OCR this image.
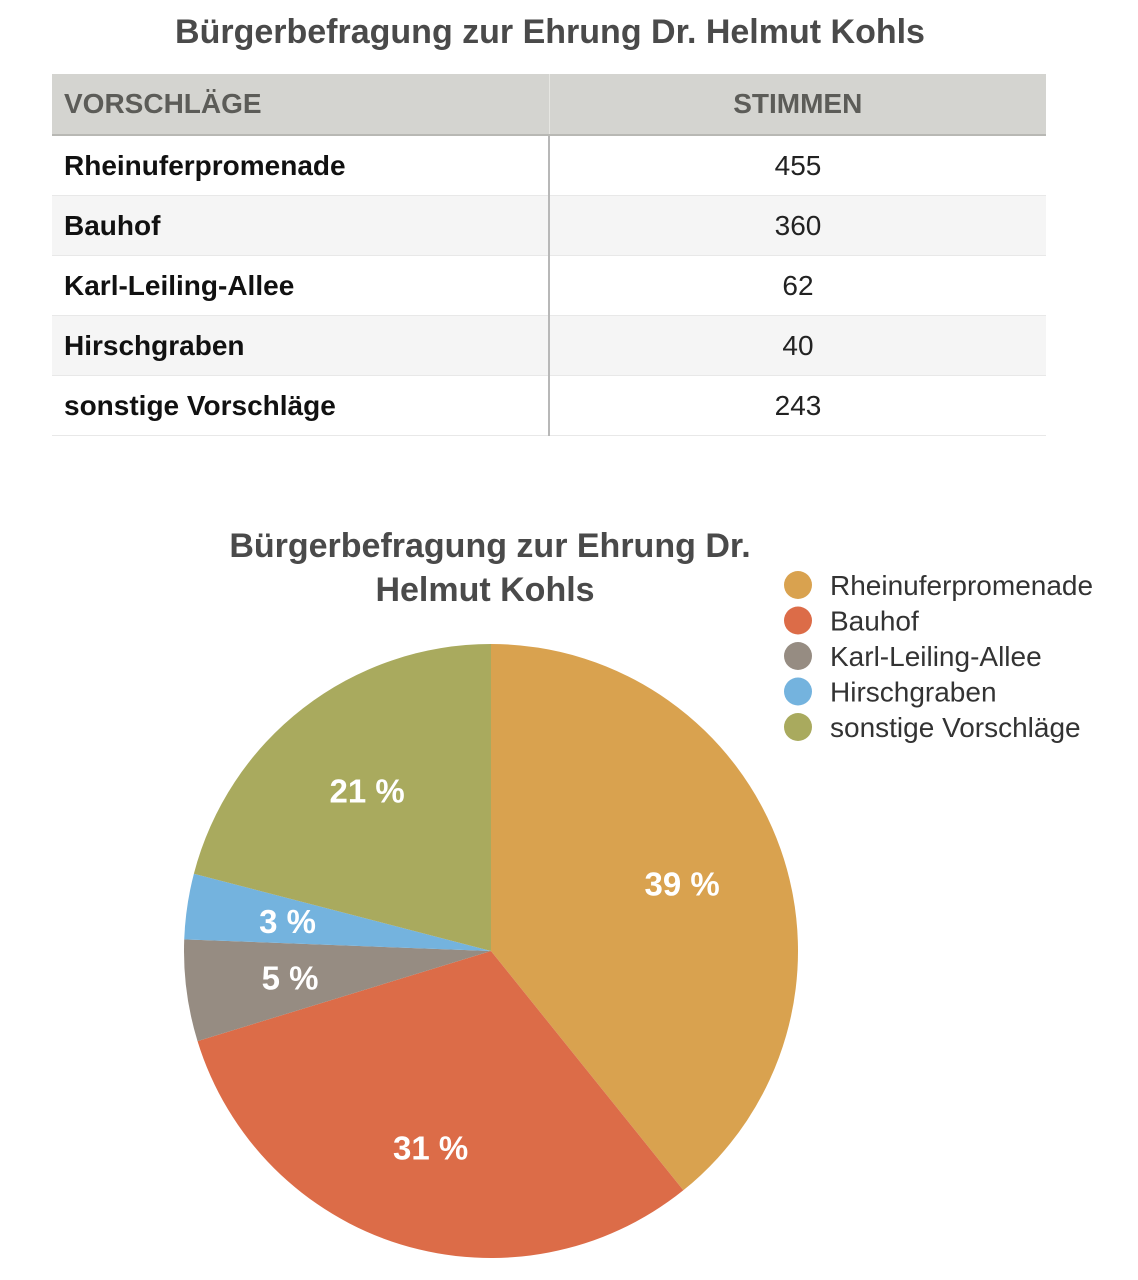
Bürgerbefragung zur Ehrung Dr. Helmut Kohls
VORSCHLÄGE	STIMMEN
Rheinuferpromenade	455
Bauhof	360
Karl-Leiling-Allee	62
Hirschgraben	40
sonstige Vorschläge	243
Bürgerbefragung zur Ehrung Dr.
Helmut Kohls
39 %
31 %
5 %
3 %
21 %
Rheinuferpromenade
Bauhof
Karl-Leiling-Allee
Hirschgraben
sonstige Vorschläge
